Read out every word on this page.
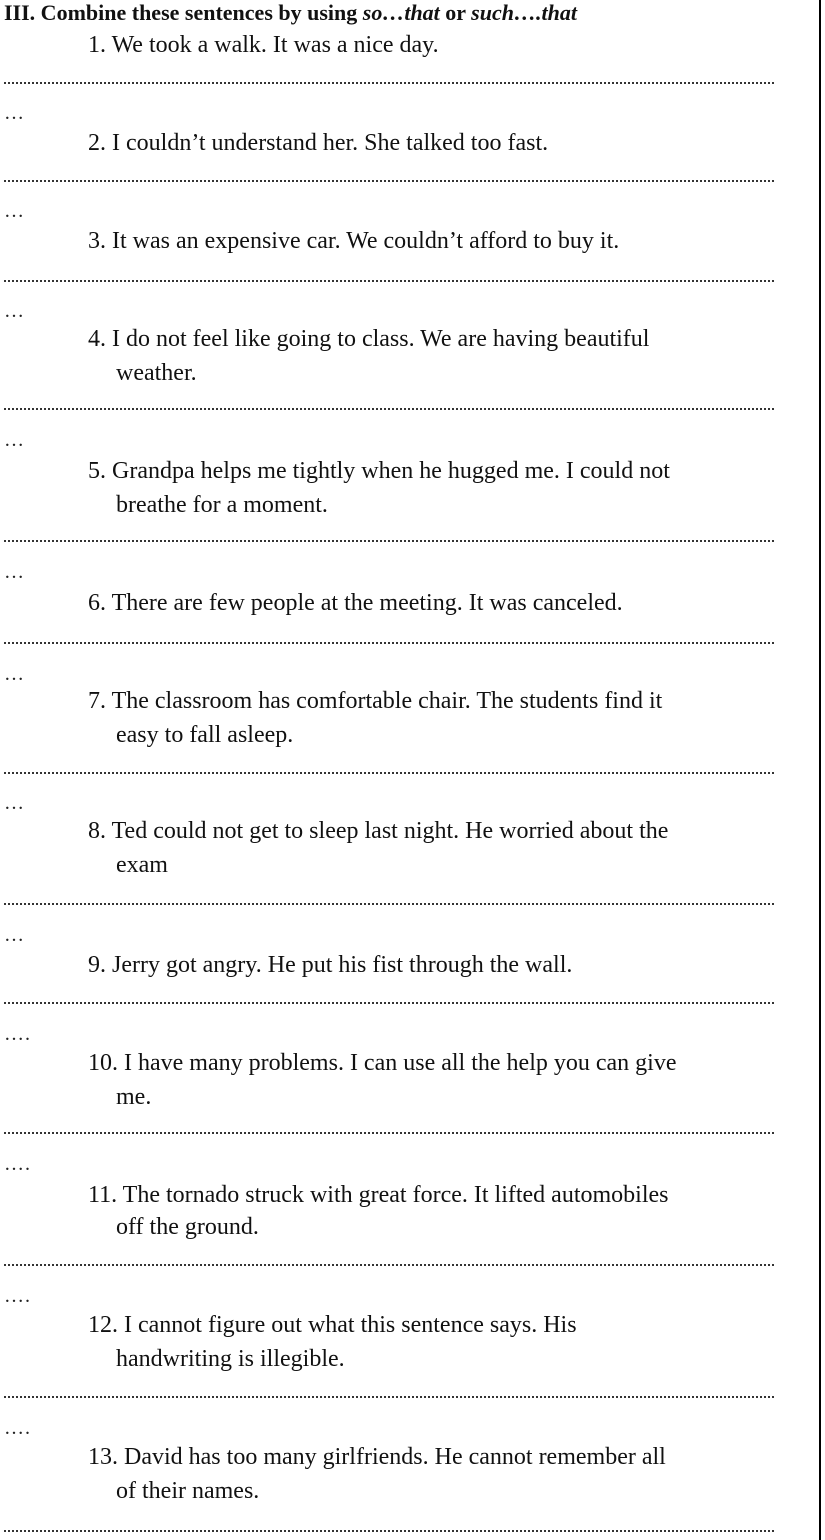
III. Combine these sentences by using so…that or such….that

1. We took a walk. It was a nice day.

…

2. I couldn’t understand her. She talked too fast.

…

3. It was an expensive car. We couldn’t afford to buy it.

…

4. I do not feel like going to class. We are having beautiful

weather.

…

5. Grandpa helps me tightly when he hugged me. I could not

breathe for a moment.

…

6. There are few people at the meeting. It was canceled.

…

7. The classroom has comfortable chair. The students find it

easy to fall asleep.

…

8. Ted could not get to sleep last night. He worried about the

exam

…

9. Jerry got angry. He put his fist through the wall.

….

10. I have many problems. I can use all the help you can give

me.

….

11. The tornado struck with great force. It lifted automobiles

off the ground.

….

12. I cannot figure out what this sentence says. His

handwriting is illegible.

….

13. David has too many girlfriends. He cannot remember all

of their names.
